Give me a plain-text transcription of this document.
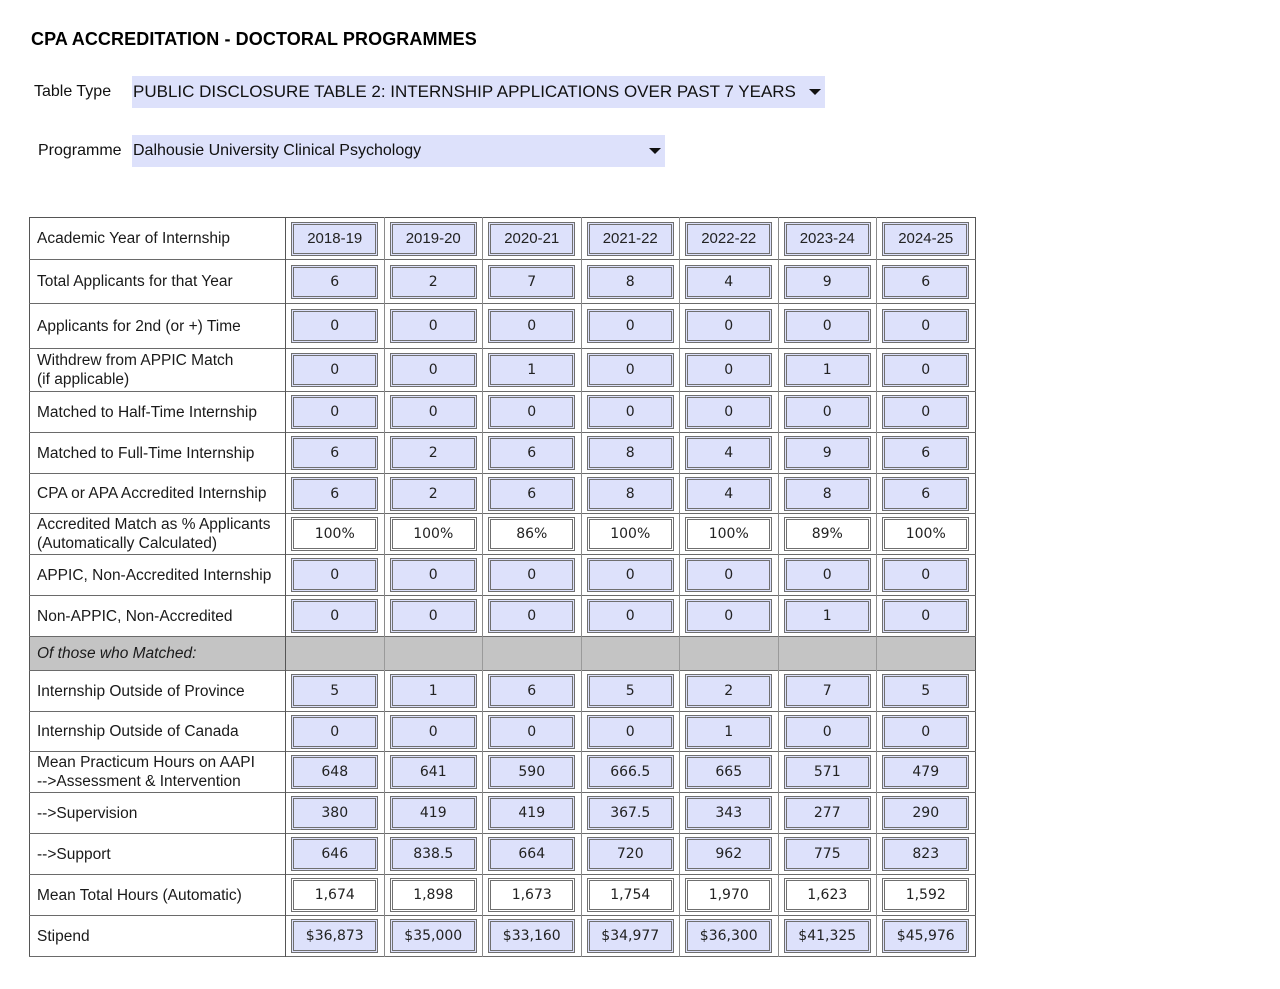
CPA ACCREDITATION - DOCTORAL PROGRAMMES
Table Type PUBLIC DISCLOSURE TABLE 2: INTERNSHIP APPLICATIONS OVER PAST 7 YEARS
Programme Dalhousie University Clinical Psychology
Academic Year of Internship	2018-19	2019-20	2020-21	2021-22	2022-22	2023-24	2024-25

Total Applicants for that Year	6	2	7	8	4	9	6

Applicants for 2nd (or +) Time	0	0	0	0	0	0	0

Withdrew from APPIC Match
(if applicable)	0	0	1	0	0	1	0

Matched to Half-Time Internship	0	0	0	0	0	0	0

Matched to Full-Time Internship	6	2	6	8	4	9	6

CPA or APA Accredited Internship	6	2	6	8	4	8	6

Accredited Match as % Applicants
(Automatically Calculated)	100%	100%	86%	100%	100%	89%	100%

APPIC, Non-Accredited Internship	0	0	0	0	0	0	0

Non-APPIC, Non-Accredited	0	0	0	0	0	1	0

Of those who Matched:							

Internship Outside of Province	5	1	6	5	2	7	5

Internship Outside of Canada	0	0	0	0	1	0	0

Mean Practicum Hours on AAPI
-->Assessment & Intervention	648	641	590	666.5	665	571	479

-->Supervision	380	419	419	367.5	343	277	290

-->Support	646	838.5	664	720	962	775	823

Mean Total Hours (Automatic)	1,674	1,898	1,673	1,754	1,970	1,623	1,592

Stipend	$36,873	$35,000	$33,160	$34,977	$36,300	$41,325	$45,976
